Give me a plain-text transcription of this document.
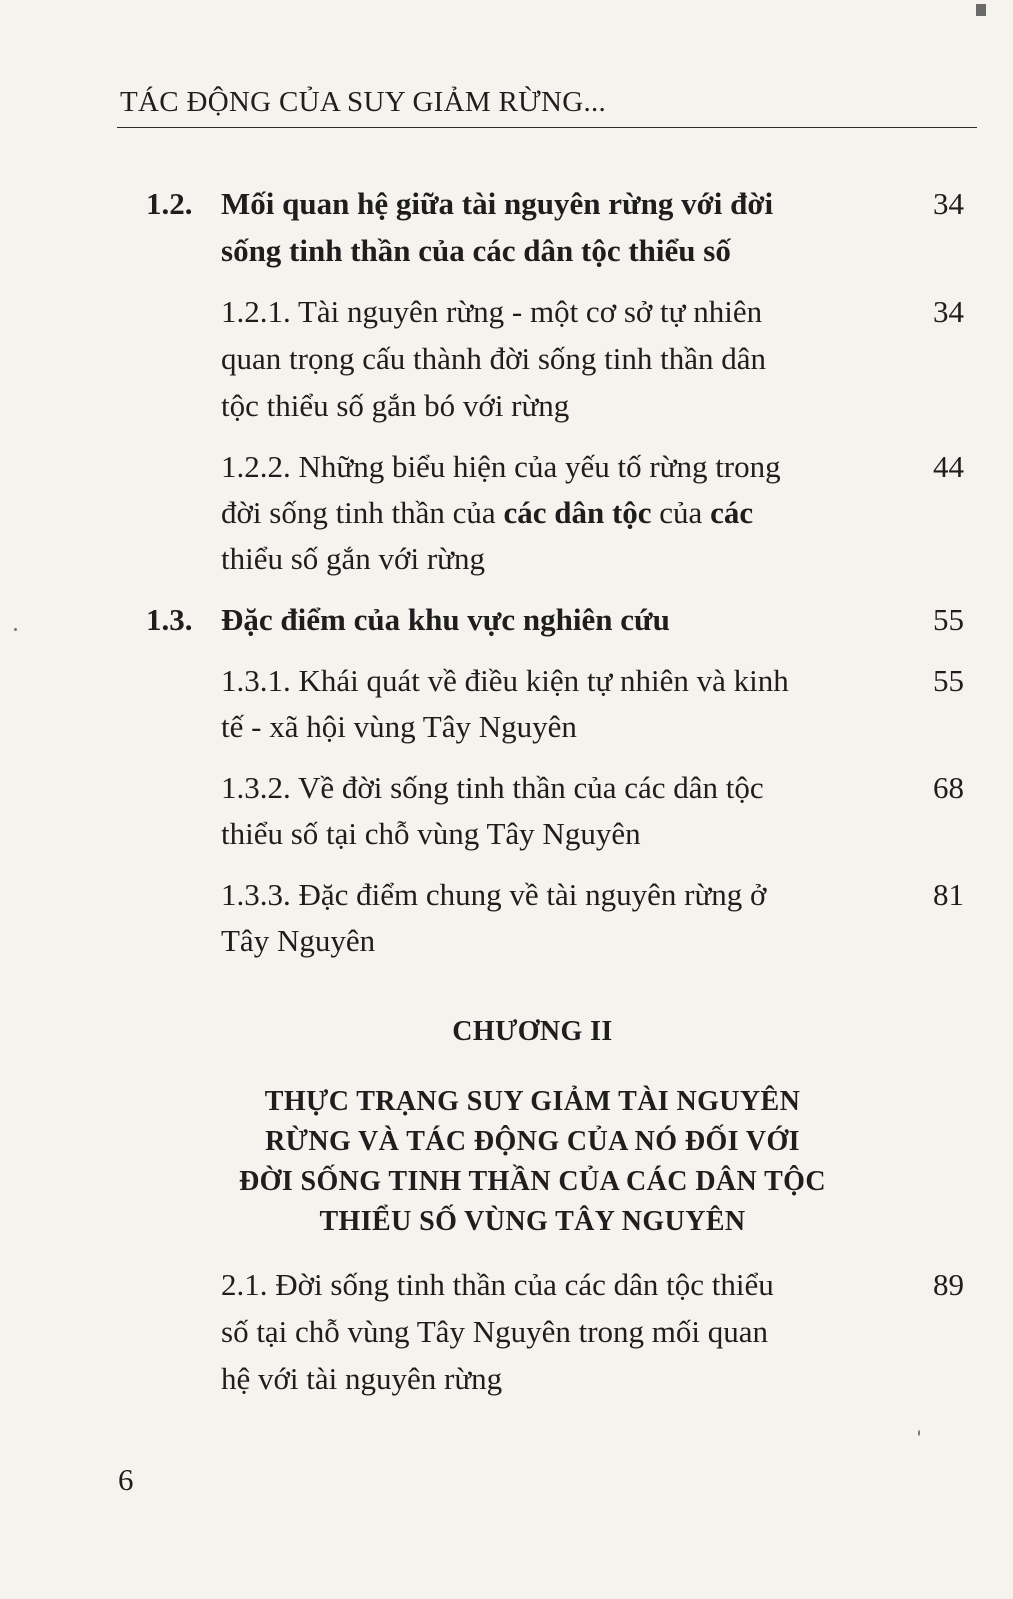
TÁC ĐỘNG CỦA SUY GIẢM RỪNG...
1.2. Mối quan hệ giữa tài nguyên rừng với đời
sống tinh thần của các dân tộc thiểu số
34
1.2.1. Tài nguyên rừng - một cơ sở tự nhiên
quan trọng cấu thành đời sống tinh thần dân
tộc thiểu số gắn bó với rừng
34
1.2.2. Những biểu hiện của yếu tố rừng trong
đời sống tinh thần của các dân tộc của các
thiểu số gắn với rừng
44
1.3. Đặc điểm của khu vực nghiên cứu	55
1.3.1. Khái quát về điều kiện tự nhiên và kinh
tế - xã hội vùng Tây Nguyên
55
1.3.2. Về đời sống tinh thần của các dân tộc
thiểu số tại chỗ vùng Tây Nguyên
68
1.3.3. Đặc điểm chung về tài nguyên rừng ở
Tây Nguyên
81
CHƯƠNG II
THỰC TRẠNG SUY GIẢM TÀI NGUYÊN
RỪNG VÀ TÁC ĐỘNG CỦA NÓ ĐỐI VỚI
ĐỜI SỐNG TINH THẦN CỦA CÁC DÂN TỘC
THIỂU SỐ VÙNG TÂY NGUYÊN
2.1. Đời sống tinh thần của các dân tộc thiểu
số tại chỗ vùng Tây Nguyên trong mối quan
hệ với tài nguyên rừng
89
6
